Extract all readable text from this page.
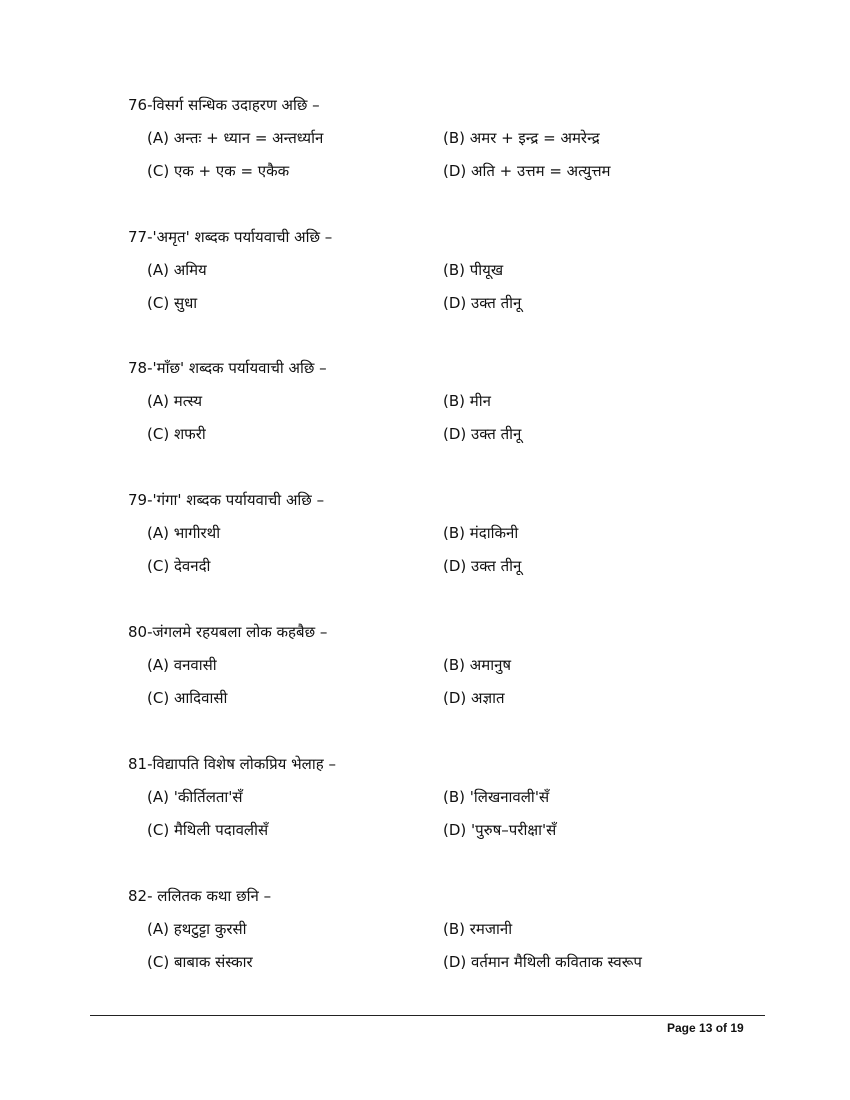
76-विसर्ग सन्धिक उदाहरण अछि –
(A) अन्तः + ध्यान = अन्तर्ध्यान	(B) अमर + इन्द्र = अमरेन्द्र
(C) एक + एक = एकैक	(D) अति + उत्तम = अत्युत्तम
77-'अमृत' शब्दक पर्यायवाची अछि –
(A) अमिय	(B) पीयूख
(C) सुधा	(D) उक्त तीनू
78-'माँछ' शब्दक पर्यायवाची अछि –
(A) मत्स्य	(B) मीन
(C) शफरी	(D) उक्त तीनू
79-'गंगा' शब्दक पर्यायवाची अछि –
(A) भागीरथी	(B) मंदाकिनी
(C) देवनदी	(D) उक्त तीनू
80-जंगलमे रहयबला लोक कहबैछ –
(A) वनवासी	(B) अमानुष
(C) आदिवासी	(D) अज्ञात
81-विद्यापति विशेष लोकप्रिय भेलाह –
(A) 'कीर्तिलता'सँ	(B) 'लिखनावली'सँ
(C) मैथिली पदावलीसँ	(D) 'पुरुष–परीक्षा'सँ
82- ललितक कथा छनि –
(A) हथटुट्टा कुरसी	(B) रमजानी
(C) बाबाक संस्कार	(D) वर्तमान मैथिली कविताक स्वरूप
Page 13 of 19
